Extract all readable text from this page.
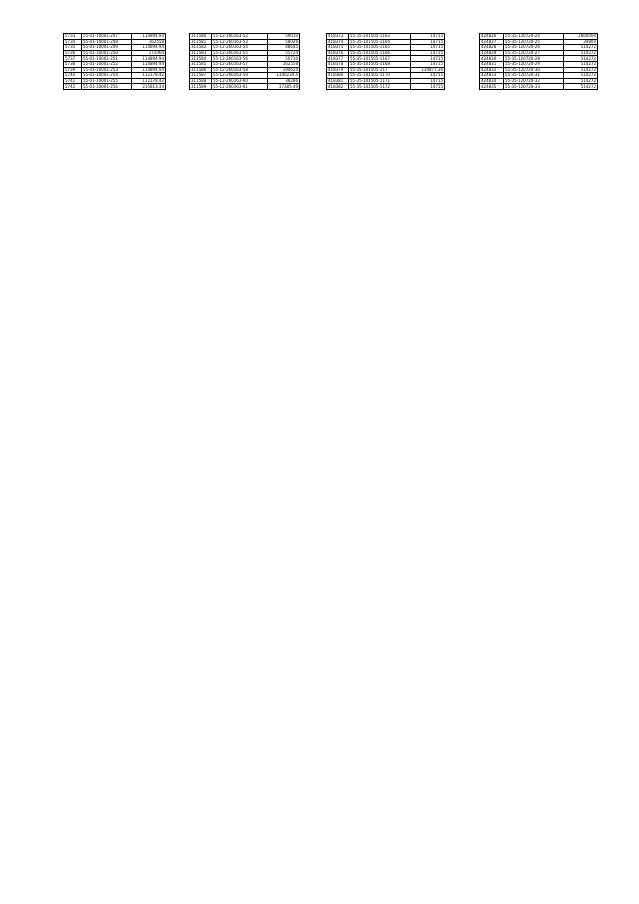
5733	55-01-10001-247	114894.94
5734	55-01-10001-248	162558
5735	55-01-10001-249	114894.94
5736	55-01-10001-250	171064
5737	55-01-10001-251	114894.94
5738	55-01-10001-252	114894.94
5739	55-01-10001-253	114894.94
5740	55-01-10001-254	112178.42
5741	55-01-10001-255	112178.42
5742	55-01-10001-256	215813.34
311580	55-12-260163-52	59010
311581	55-12-260163-53	58026
311582	55-12-260163-54	48645
311583	55-12-260163-55	55724
311584	55-12-260163-56	50710
311585	55-12-260163-57	162558
311586	55-12-260163-58	194624
311587	55-12-260163-59	1340234.4
311588	55-12-260163-60	38286
311589	55-12-260163-61	37385.49
418373	55-35-101505-1163	14715
418374	55-35-101505-1164	14715
418375	55-35-101505-1165	14715
418376	55-35-101505-1166	14715
418377	55-35-101505-1167	14715
418378	55-35-101505-1168	14715
418379	55-35-101505-117	134877.36
418380	55-35-101505-1170	14715
418381	55-35-101505-1171	14715
418382	55-35-101505-1172	14715
424826	55-35-120720-24	2660000
424827	55-35-120720-25	30800
424828	55-35-120720-26	514272
424829	55-35-120720-27	514272
424830	55-35-120720-28	514272
424831	55-35-120720-29	514272
424832	55-35-120720-30	514272
424833	55-35-120720-31	514272
424834	55-35-120720-32	514272
424835	55-35-120720-33	514272
